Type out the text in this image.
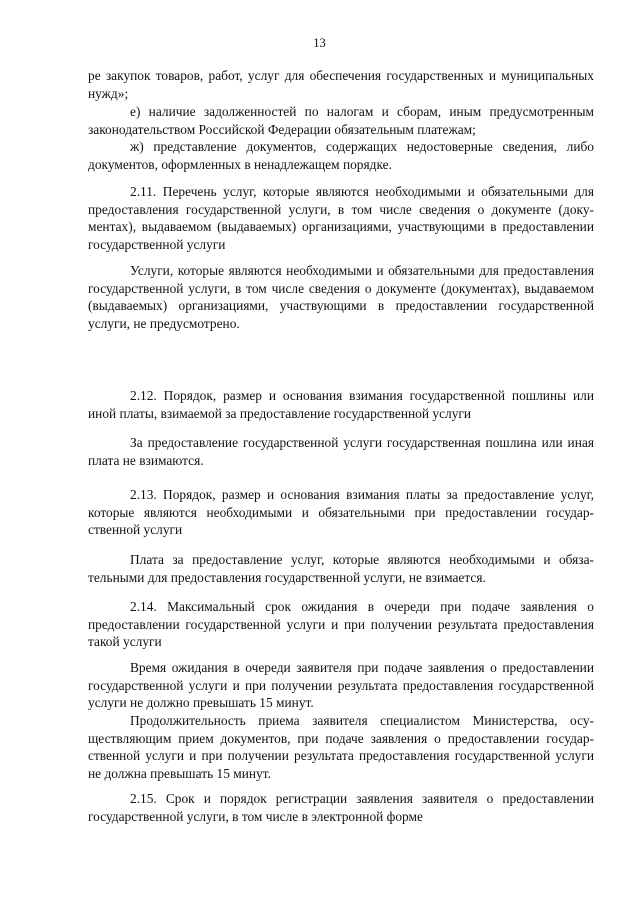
13

ре закупок товаров, работ, услуг для обеспечения государственных и муниципальных нужд»;

е) наличие задолженностей по налогам и сборам, иным предусмотренным законодательством Российской Федерации обязательным платежам;

ж) представление документов, содержащих недостоверные сведения, либо документов, оформленных в ненадлежащем порядке.

2.11. Перечень услуг, которые являются необходимыми и обязательными для предоставления государственной услуги, в том числе сведения о документе (документах), выдаваемом (выдаваемых) организациями, участвующими в предоставлении государственной услуги

Услуги, которые являются необходимыми и обязательными для предоставления государственной услуги, в том числе сведения о документе (документах), выдаваемом (выдаваемых) организациями, участвующими в предоставлении государственной услуги, не предусмотрено.

2.12. Порядок, размер и основания взимания государственной пошлины или иной платы, взимаемой за предоставление государственной услуги

За предоставление государственной услуги государственная пошлина или иная плата не взимаются.

2.13. Порядок, размер и основания взимания платы за предоставление услуг, которые являются необходимыми и обязательными при предоставлении государственной услуги

Плата за предоставление услуг, которые являются необходимыми и обязательными для предоставления государственной услуги, не взимается.

2.14. Максимальный срок ожидания в очереди при подаче заявления о предоставлении государственной услуги и при получении результата предоставления такой услуги

Время ожидания в очереди заявителя при подаче заявления о предоставлении государственной услуги и при получении результата предоставления государственной услуги не должно превышать 15 минут.

Продолжительность приема заявителя специалистом Министерства, осуществляющим прием документов, при подаче заявления о предоставлении государственной услуги и при получении результата предоставления государственной услуги не должна превышать 15 минут.

2.15. Срок и порядок регистрации заявления заявителя о предоставлении государственной услуги, в том числе в электронной форме
